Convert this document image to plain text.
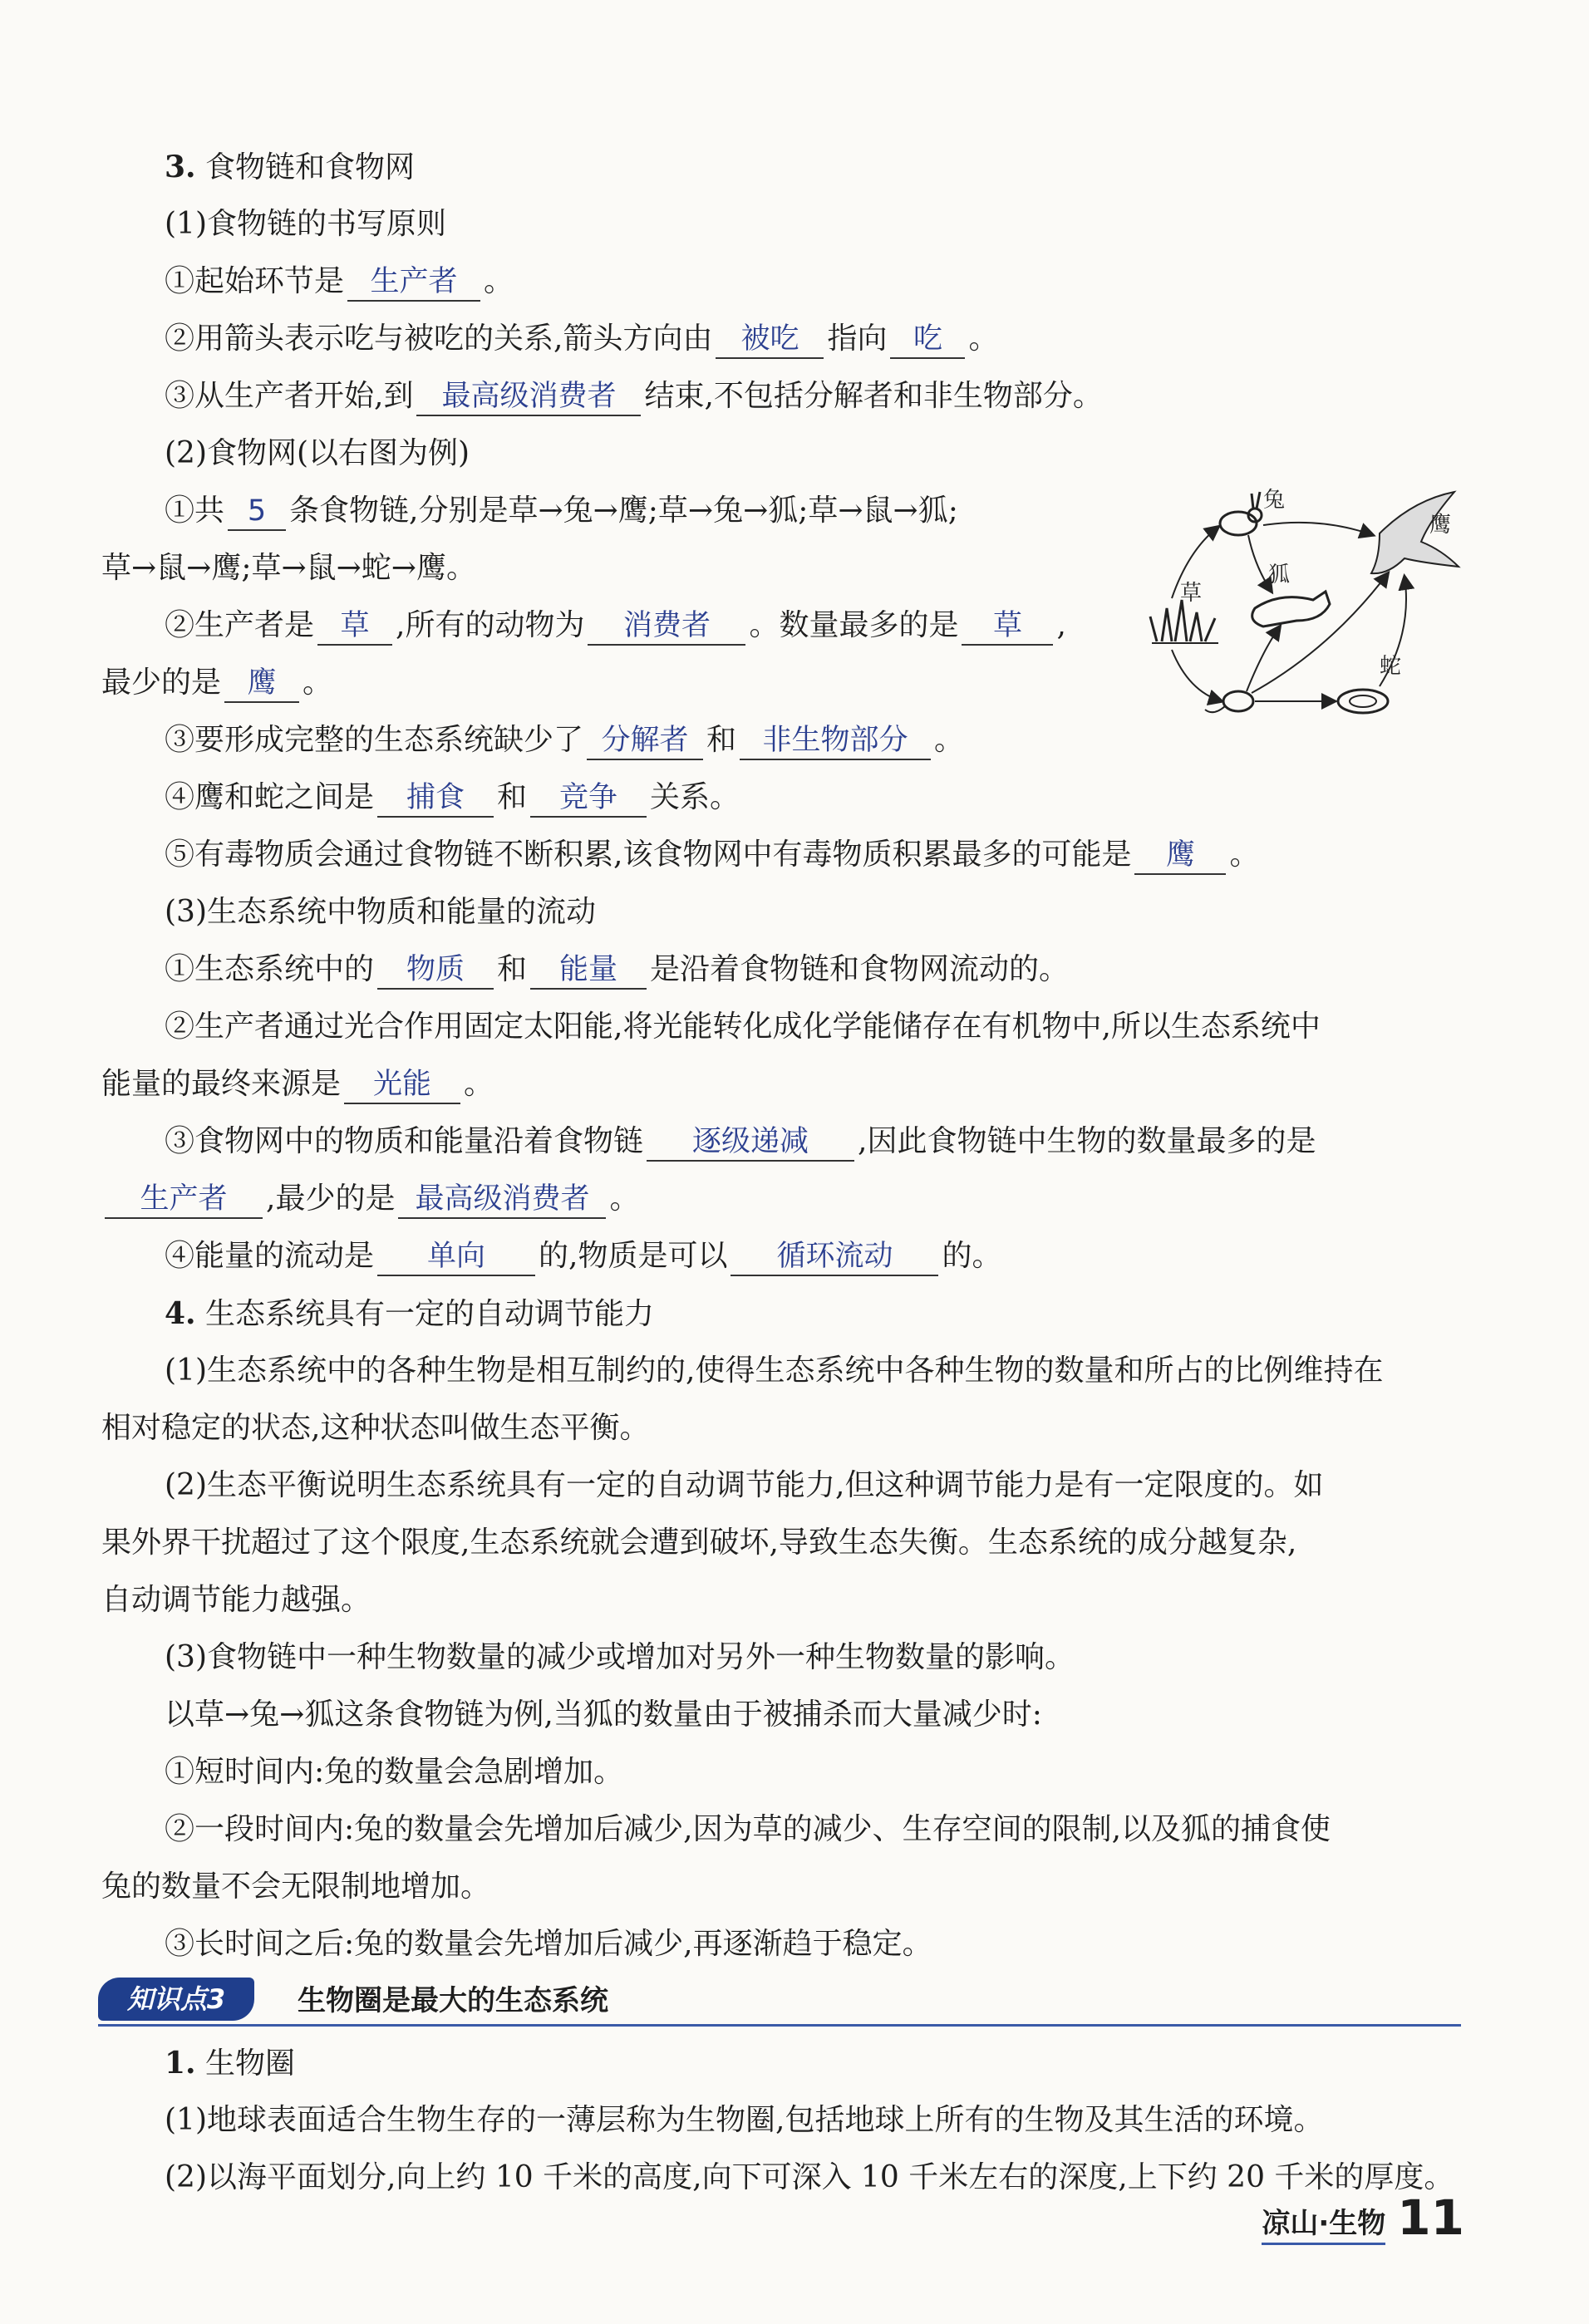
3. 食物链和食物网
(1)食物链的书写原则
①起始环节是 生产者 。
②用箭头表示吃与被吃的关系,箭头方向由 被吃 指向 吃 。
③从生产者开始,到 最高级消费者 结束,不包括分解者和非生物部分。
(2)食物网(以右图为例)
①共 5 条食物链,分别是草→兔→鹰;草→兔→狐;草→鼠→狐;
草→鼠→鹰;草→鼠→蛇→鹰。
②生产者是 草 ,所有的动物为 消费者 。数量最多的是 草 ,
最少的是 鹰 。
③要形成完整的生态系统缺少了 分解者 和 非生物部分 。
④鹰和蛇之间是 捕食 和 竞争 关系。
⑤有毒物质会通过食物链不断积累,该食物网中有毒物质积累最多的可能是 鹰 。
(3)生态系统中物质和能量的流动
①生态系统中的 物质 和 能量 是沿着食物链和食物网流动的。
②生产者通过光合作用固定太阳能,将光能转化成化学能储存在有机物中,所以生态系统中
能量的最终来源是 光能 。
③食物网中的物质和能量沿着食物链 逐级递减 ,因此食物链中生物的数量最多的是
生产者 ,最少的是 最高级消费者 。
④能量的流动是 单向 的,物质是可以 循环流动 的。
4. 生态系统具有一定的自动调节能力
(1)生态系统中的各种生物是相互制约的,使得生态系统中各种生物的数量和所占的比例维持在
相对稳定的状态,这种状态叫做生态平衡。
(2)生态平衡说明生态系统具有一定的自动调节能力,但这种调节能力是有一定限度的。如
果外界干扰超过了这个限度,生态系统就会遭到破坏,导致生态失衡。生态系统的成分越复杂,
自动调节能力越强。
(3)食物链中一种生物数量的减少或增加对另外一种生物数量的影响。
以草→兔→狐这条食物链为例,当狐的数量由于被捕杀而大量减少时:
①短时间内:兔的数量会急剧增加。
②一段时间内:兔的数量会先增加后减少,因为草的减少、生存空间的限制,以及狐的捕食使
兔的数量不会无限制地增加。
③长时间之后:兔的数量会先增加后减少,再逐渐趋于稳定。
知识点3	生物圈是最大的生态系统
1. 生物圈
(1)地球表面适合生物生存的一薄层称为生物圈,包括地球上所有的生物及其生活的环境。
(2)以海平面划分,向上约 10 千米的高度,向下可深入 10 千米左右的深度,上下约 20 千米的厚度。
草
兔
鹰
狐
蛇
凉山·生物 11
